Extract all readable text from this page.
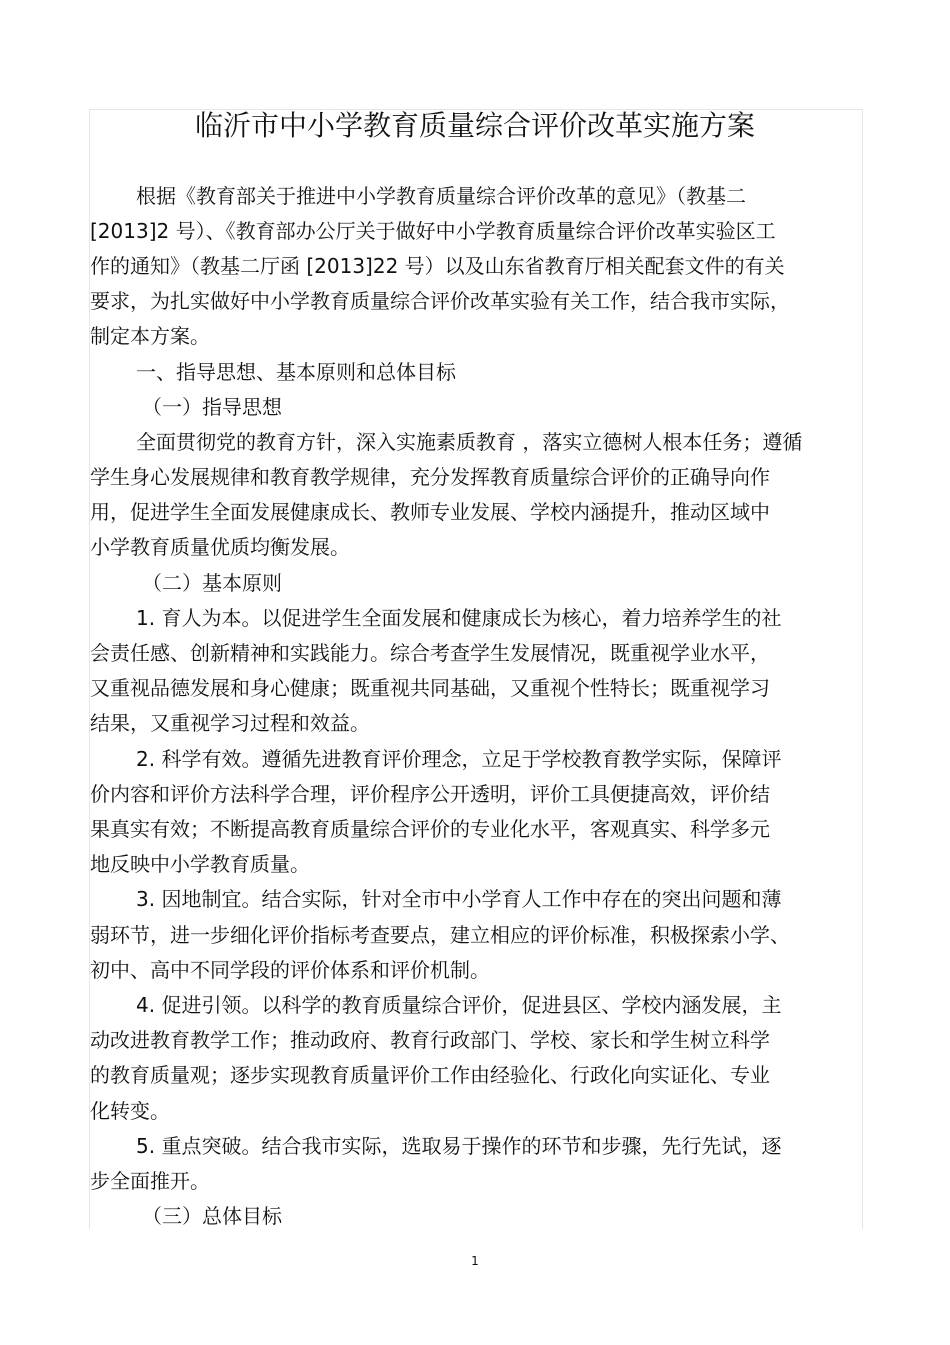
临沂市中小学教育质量综合评价改革实施方案
根据《教育部关于推进中小学教育质量综合评价改革的意见》（教基二
[2013]2 号）、《教育部办公厅关于做好中小学教育质量综合评价改革实验区工
作的通知》（教基二厅函 [2013]22 号）以及山东省教育厅相关配套文件的有关
要求，为扎实做好中小学教育质量综合评价改革实验有关工作，结合我市实际，
制定本方案。
一、指导思想、基本原则和总体目标
（一）指导思想
全面贯彻党的教育方针，深入实施素质教育 ，落实立德树人根本任务；遵循
学生身心发展规律和教育教学规律，充分发挥教育质量综合评价的正确导向作
用，促进学生全面发展健康成长、教师专业发展、学校内涵提升，推动区域中
小学教育质量优质均衡发展。
（二）基本原则
1. 育人为本。以促进学生全面发展和健康成长为核心，着力培养学生的社
会责任感、创新精神和实践能力。综合考查学生发展情况，既重视学业水平，
又重视品德发展和身心健康；既重视共同基础，又重视个性特长；既重视学习
结果，又重视学习过程和效益。
2. 科学有效。遵循先进教育评价理念，立足于学校教育教学实际，保障评
价内容和评价方法科学合理，评价程序公开透明，评价工具便捷高效，评价结
果真实有效；不断提高教育质量综合评价的专业化水平，客观真实、科学多元
地反映中小学教育质量。
3. 因地制宜。结合实际，针对全市中小学育人工作中存在的突出问题和薄
弱环节，进一步细化评价指标考查要点，建立相应的评价标准，积极探索小学、
初中、高中不同学段的评价体系和评价机制。
4. 促进引领。以科学的教育质量综合评价，促进县区、学校内涵发展，主
动改进教育教学工作；推动政府、教育行政部门、学校、家长和学生树立科学
的教育质量观；逐步实现教育质量评价工作由经验化、行政化向实证化、专业
化转变。
5. 重点突破。结合我市实际，选取易于操作的环节和步骤，先行先试，逐
步全面推开。
（三）总体目标
1
